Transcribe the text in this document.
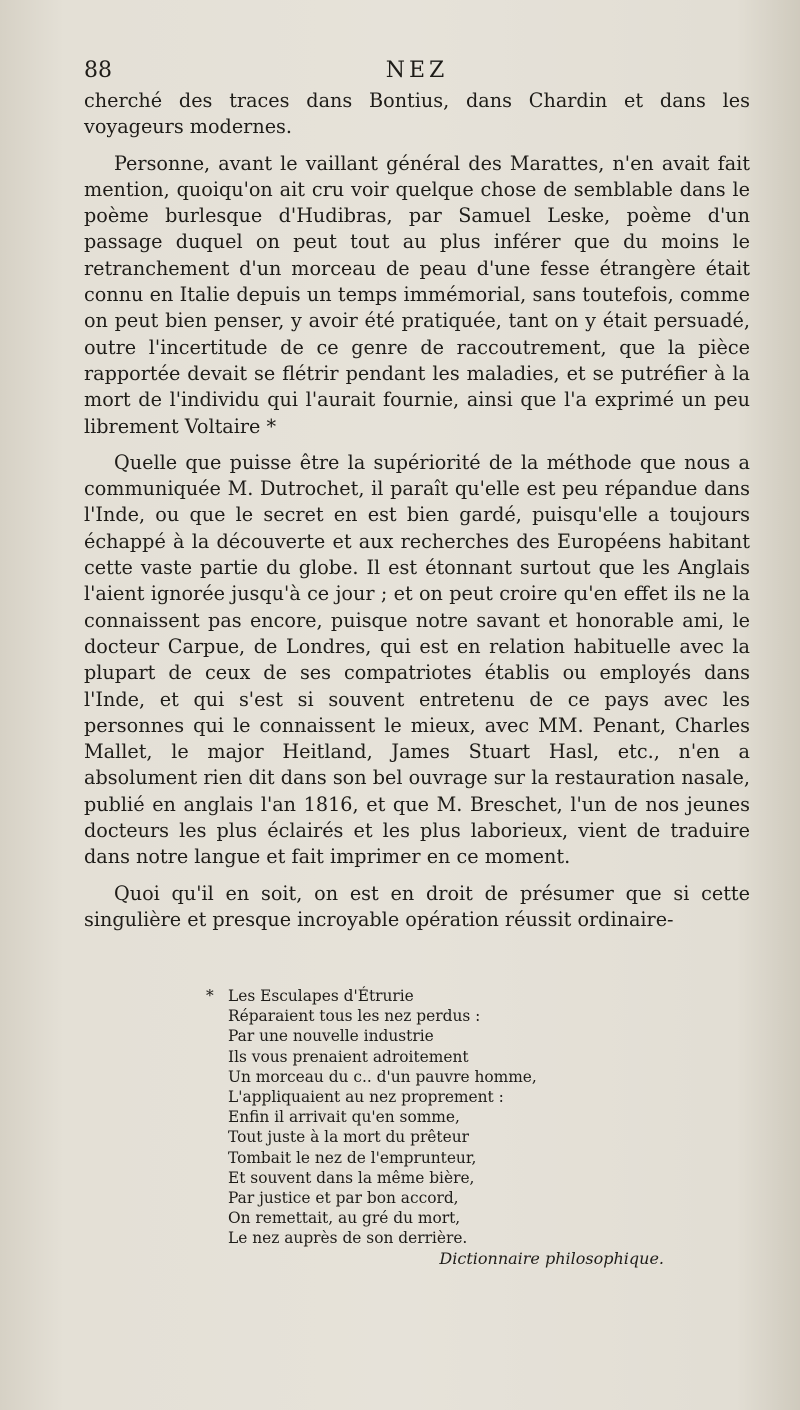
88	NEZ

cherché des traces dans Bontius, dans Chardin et dans les voyageurs modernes.

Personne, avant le vaillant général des Marattes, n'en avait fait mention, quoiqu'on ait cru voir quelque chose de semblable dans le poème burlesque d'Hudibras, par Samuel Leske, poème d'un passage duquel on peut tout au plus inférer que du moins le retranchement d'un morceau de peau d'une fesse étrangère était connu en Italie depuis un temps immémorial, sans toutefois, comme on peut bien penser, y avoir été pratiquée, tant on y était persuadé, outre l'incertitude de ce genre de raccoutrement, que la pièce rapportée devait se flétrir pendant les maladies, et se putréfier à la mort de l'individu qui l'aurait fournie, ainsi que l'a exprimé un peu librement Voltaire *

Quelle que puisse être la supériorité de la méthode que nous a communiquée M. Dutrochet, il paraît qu'elle est peu répandue dans l'Inde, ou que le secret en est bien gardé, puisqu'elle a toujours échappé à la découverte et aux recherches des Européens habitant cette vaste partie du globe. Il est étonnant surtout que les Anglais l'aient ignorée jusqu'à ce jour ; et on peut croire qu'en effet ils ne la connaissent pas encore, puisque notre savant et honorable ami, le docteur Carpue, de Londres, qui est en relation habituelle avec la plupart de ceux de ses compatriotes établis ou employés dans l'Inde, et qui s'est si souvent entretenu de ce pays avec les personnes qui le connaissent le mieux, avec MM. Penant, Charles Mallet, le major Heitland, James Stuart Hasl, etc., n'en a absolument rien dit dans son bel ouvrage sur la restauration nasale, publié en anglais l'an 1816, et que M. Breschet, l'un de nos jeunes docteurs les plus éclairés et les plus laborieux, vient de traduire dans notre langue et fait imprimer en ce moment.

Quoi qu'il en soit, on est en droit de présumer que si cette singulière et presque incroyable opération réussit ordinaire-

* Les Esculapes d'Étrurie

Réparaient tous les nez perdus :

Par une nouvelle industrie

Ils vous prenaient adroitement

Un morceau du c.. d'un pauvre homme,

L'appliquaient au nez proprement :

Enfin il arrivait qu'en somme,

Tout juste à la mort du prêteur

Tombait le nez de l'emprunteur,

Et souvent dans la même bière,

Par justice et par bon accord,

On remettait, au gré du mort,

Le nez auprès de son derrière.

Dictionnaire philosophique.
